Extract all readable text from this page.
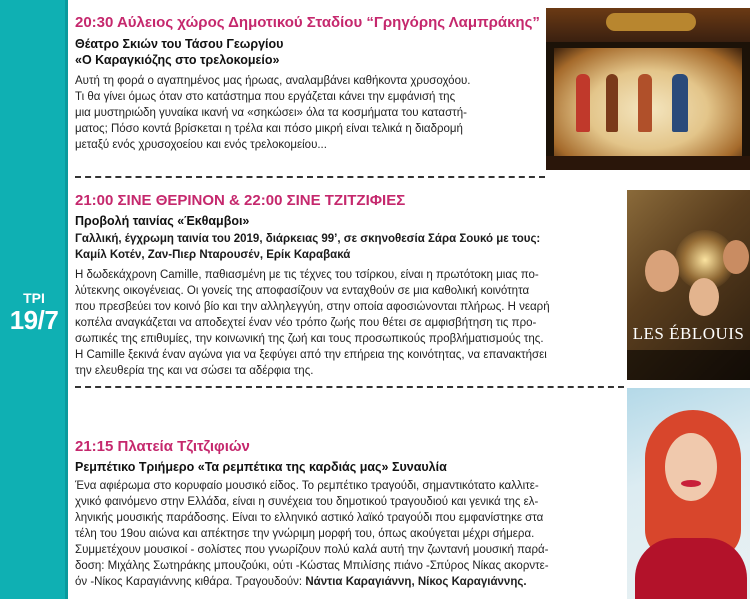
ΤΡΙ
19/7

20:30 Αύλειος χώρος Δημοτικού Σταδίου “Γρηγόρης Λαμπράκης”

Θέατρο Σκιών του Τάσου Γεωργίου

«Ο Καραγκιόζης στο τρελοκομείο»

Αυτή τη φορά ο αγαπημένος μας ήρωας, αναλαμβάνει καθήκοντα χρυσοχόου.
Τι θα γίνει όμως όταν στο κατάστημα που εργάζεται κάνει την εμφάνισή της
μια μυστηριώδη γυναίκα ικανή να «σηκώσει» όλα τα κοσμήματα του καταστή-
ματος; Πόσο κοντά βρίσκεται η τρέλα και πόσο μικρή είναι τελικά η διαδρομή
μεταξύ ενός χρυσοχοείου και ενός τρελοκομείου...

21:00 ΣΙΝΕ ΘΕΡΙΝΟΝ & 22:00 ΣΙΝΕ ΤΖΙΤΖΙΦΙΕΣ

Προβολή ταινίας «Έκθαμβοι»

Γαλλική, έγχρωμη ταινία του 2019, διάρκειας 99’, σε σκηνοθεσία Σάρα Σουκό με τους:
Καμίλ Κοτέν, Ζαν-Πιερ Νταρουσέν, Ερίκ Καραβακά
Η δωδεκάχρονη Camille, παθιασμένη με τις τέχνες του τσίρκου, είναι η πρωτότοκη μιας πο-
λύτεκνης οικογένειας. Οι γονείς της αποφασίζουν να ενταχθούν σε μια καθολική κοινότητα
που πρεσβεύει τον κοινό βίο και την αλληλεγγύη, στην οποία αφοσιώνονται πλήρως. Η νεαρή
κοπέλα αναγκάζεται να αποδεχτεί έναν νέο τρόπο ζωής που θέτει σε αμφισβήτηση τις προ-
σωπικές της επιθυμίες, την κοινωνική της ζωή και τους προσωπικούς προβλήματισμούς της.
Η Camille ξεκινά έναν αγώνα για να ξεφύγει από την επήρεια της κοινότητας, να επανακτήσει
την ελευθερία της και να σώσει τα αδέρφια της.
LES ÉBLOUIS

21:15 Πλατεία Τζιτζιφιών

Ρεμπέτικο Τριήμερο «Τα ρεμπέτικα της καρδιάς μας» Συναυλία

Ένα αφιέρωμα στο κορυφαίο μουσικό είδος. Το ρεμπέτικο τραγούδι, σημαντικότατο καλλιτε-
χνικό φαινόμενο στην Ελλάδα, είναι η συνέχεια του δημοτικού τραγουδιού και γενικά της ελ-
ληνικής μουσικής παράδοσης. Είναι το ελληνικό αστικό λαϊκό τραγούδι που εμφανίστηκε στα
τέλη του 19ου αιώνα και απέκτησε την γνώριμη μορφή του, όπως ακούγεται μέχρι σήμερα.
Συμμετέχουν μουσικοί - σολίστες που γνωρίζουν πολύ καλά αυτή την ζωντανή μουσική παρά-
δοση: Μιχάλης Σωτηράκης μπουζούκι, ούτι -Κώστας Μπιλίσης πιάνο -Σπύρος Νίκας ακορντε-
όν -Νίκος Καραγιάννης κιθάρα. Τραγουδούν: Νάντια Καραγιάννη, Νίκος Καραγιάννης.
